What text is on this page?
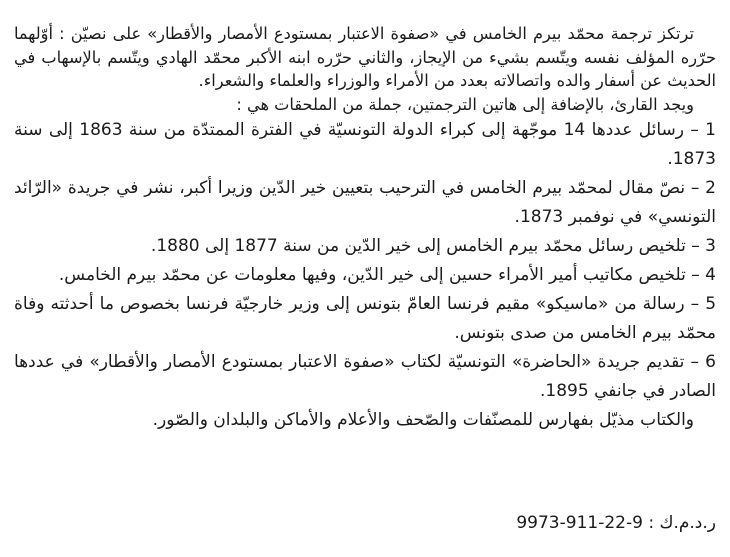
ترتكز ترجمة محمّد بيرم الخامس في «صفوة الاعتبار بمستودع الأمصار والأقطار» على نصيّن : أوّلهما حرّره المؤلف نفسه ويتّسم بشيء من الإيجاز، والثاني حرّره ابنه الأكبر محمّد الهادي ويتّسم بالإسهاب في الحديث عن أسفار والده واتصالاته بعدد من الأمراء والوزراء والعلماء والشعراء.

ويجد القارئ، بالإضافة إلى هاتين الترجمتين، جملة من الملحقات هي :

1 – رسائل عددها 14 موجّهة إلى كبراء الدولة التونسيّة في الفترة الممتدّة من سنة 1863 إلى سنة 1873.

2 – نصّ مقال لمحمّد بيرم الخامس في الترحيب بتعيين خير الدّين وزيرا أكبر، نشر في جريدة «الرّائد التونسي» في نوفمبر 1873.

3 – تلخيص رسائل محمّد بيرم الخامس إلى خير الدّين من سنة 1877 إلى 1880.

4 – تلخيص مكاتيب أمير الأمراء حسين إلى خير الدّين، وفيها معلومات عن محمّد بيرم الخامس.

5 – رسالة من «ماسيكو» مقيم فرنسا العامّ بتونس إلى وزير خارجيّة فرنسا بخصوص ما أحدثته وفاة محمّد بيرم الخامس من صدى بتونس.

6 – تقديم جريدة «الحاضرة» التونسيّة لكتاب «صفوة الاعتبار بمستودع الأمصار والأقطار» في عددها الصادر في جانفي 1895.

والكتاب مذيّل بفهارس للمصنّفات والصّحف والأعلام والأماكن والبلدان والصّور.

ر.د.م.ك : 9973-911-22-9
